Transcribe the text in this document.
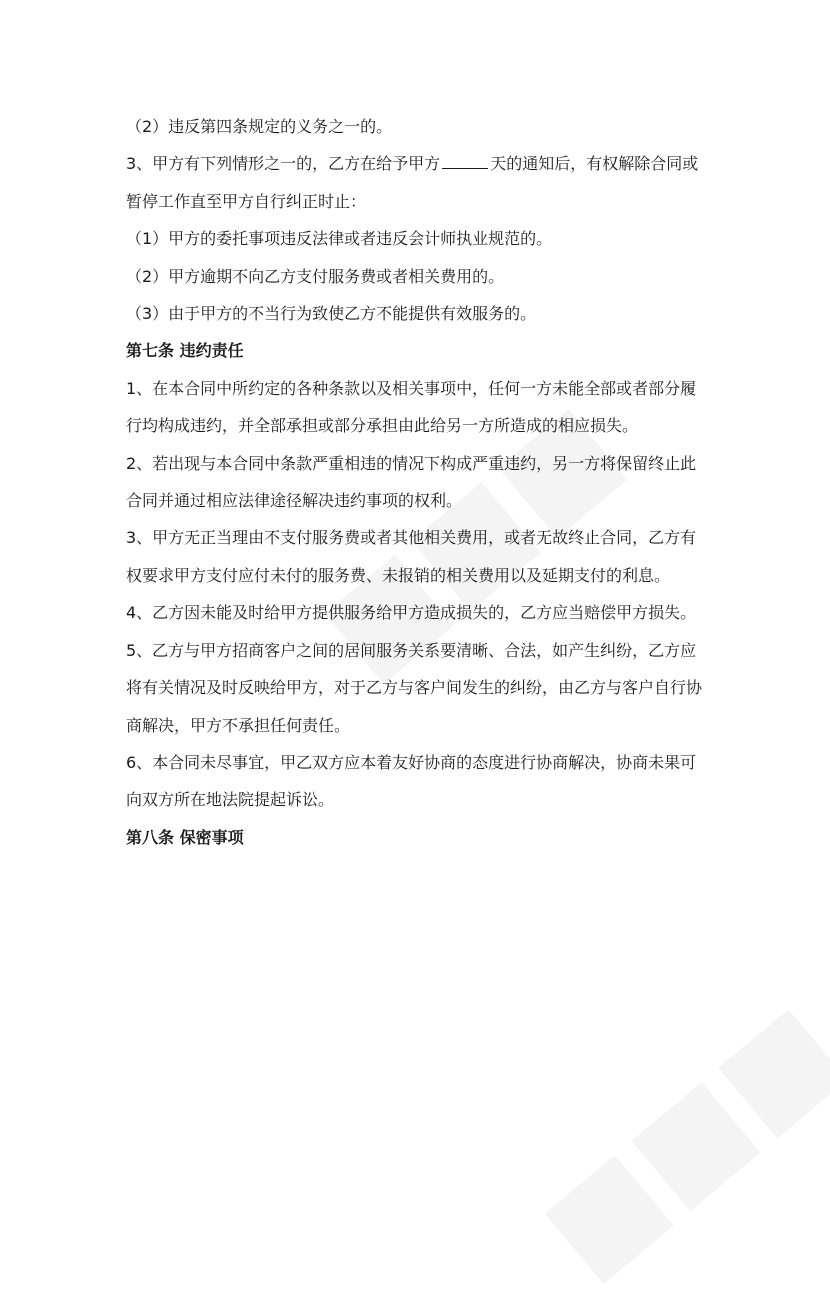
（2）违反第四条规定的义务之一的。

3、甲方有下列情形之一的，乙方在给予甲方	天的通知后，有权解除合同或暂停工作直至甲方自行纠正时止：

（1）甲方的委托事项违反法律或者违反会计师执业规范的。

（2）甲方逾期不向乙方支付服务费或者相关费用的。

（3）由于甲方的不当行为致使乙方不能提供有效服务的。

第七条 违约责任

1、在本合同中所约定的各种条款以及相关事项中，任何一方未能全部或者部分履行均构成违约，并全部承担或部分承担由此给另一方所造成的相应损失。

2、若出现与本合同中条款严重相违的情况下构成严重违约，另一方将保留终止此合同并通过相应法律途径解决违约事项的权利。

3、甲方无正当理由不支付服务费或者其他相关费用，或者无故终止合同，乙方有权要求甲方支付应付未付的服务费、未报销的相关费用以及延期支付的利息。

4、乙方因未能及时给甲方提供服务给甲方造成损失的，乙方应当赔偿甲方损失。

5、乙方与甲方招商客户之间的居间服务关系要清晰、合法，如产生纠纷，乙方应将有关情况及时反映给甲方，对于乙方与客户间发生的纠纷，由乙方与客户自行协商解决，甲方不承担任何责任。

6、本合同未尽事宜，甲乙双方应本着友好协商的态度进行协商解决，协商未果可向双方所在地法院提起诉讼。

第八条 保密事项
